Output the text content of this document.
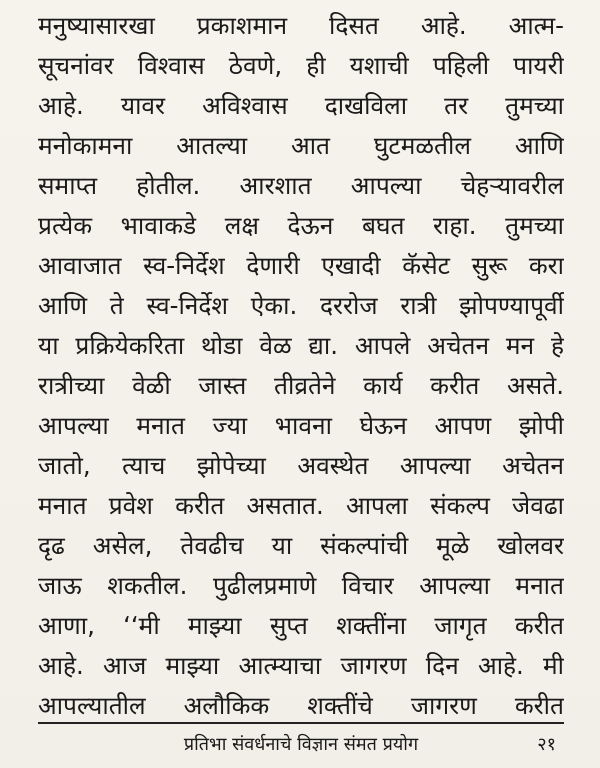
मनुष्यासारखा प्रकाशमान दिसत आहे. आत्म-
सूचनांवर विश्वास ठेवणे, ही यशाची पहिली पायरी
आहे. यावर अविश्वास दाखविला तर तुमच्या
मनोकामना आतल्या आत घुटमळतील आणि
समाप्त होतील. आरशात आपल्या चेहऱ्यावरील
प्रत्येक भावाकडे लक्ष देऊन बघत राहा. तुमच्या
आवाजात स्व-निर्देश देणारी एखादी कॅसेट सुरू करा
आणि ते स्व-निर्देश ऐका. दररोज रात्री झोपण्यापूर्वी
या प्रक्रियेकरिता थोडा वेळ द्या. आपले अचेतन मन हे
रात्रीच्या वेळी जास्त तीव्रतेने कार्य करीत असते.
आपल्या मनात ज्या भावना घेऊन आपण झोपी
जातो, त्याच झोपेच्या अवस्थेत आपल्या अचेतन
मनात प्रवेश करीत असतात. आपला संकल्प जेवढा
दृढ असेल, तेवढीच या संकल्पांची मूळे खोलवर
जाऊ शकतील. पुढीलप्रमाणे विचार आपल्या मनात
आणा, ‘‘मी माझ्या सुप्त शक्तींना जागृत करीत
आहे. आज माझ्या आत्म्याचा जागरण दिन आहे. मी
आपल्यातील अलौकिक शक्तींचे जागरण करीत
प्रतिभा संवर्धनाचे विज्ञान संमत प्रयोग	२१
